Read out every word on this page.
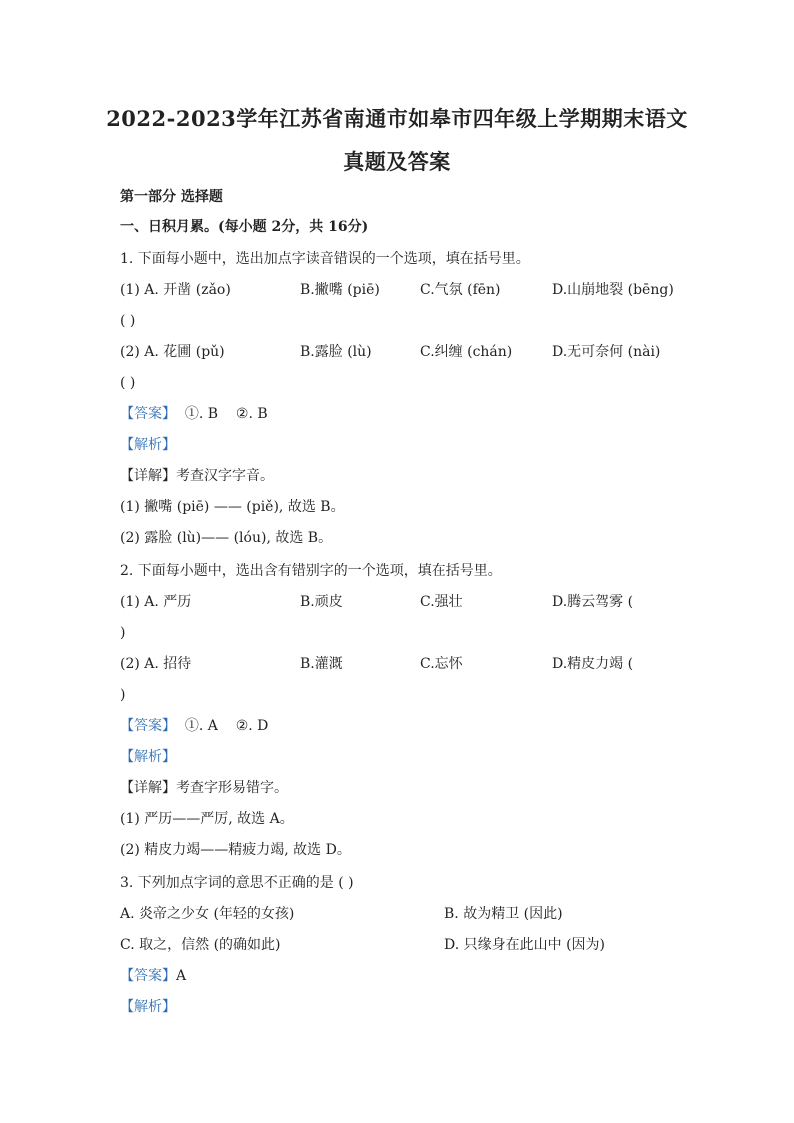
2022-2023学年江苏省南通市如皋市四年级上学期期末语文
真题及答案
第一部分 选择题
一、日积月累。(每小题 2分，共 16分)
1. 下面每小题中，选出加点字读音错误的一个选项，填在括号里。
(1) A. 开凿 (zǎo)	B.撇嘴 (piē)	C.气氛 (fēn)	D.山崩地裂 (bēng)
( )
(2) A. 花圃 (pǔ)	B.露脸 (lù)	C.纠缠 (chán)	D.无可奈何 (nài)
( )
【答案】  ①. B    ②. B
【解析】
【详解】考查汉字字音。
(1) 撇嘴 (piē) —— (piě), 故选 B。
(2) 露脸 (lù)—— (lóu), 故选 B。
2. 下面每小题中，选出含有错别字的一个选项，填在括号里。
(1) A. 严历	B.顽皮	C.强壮	D.腾云驾雾 (
)
(2) A. 招待	B.灌溉	C.忘怀	D.精皮力竭 (
)
【答案】  ①. A    ②. D
【解析】
【详解】考查字形易错字。
(1) 严历——严厉, 故选 A。
(2) 精皮力竭——精疲力竭, 故选 D。
3. 下列加点字词的意思不正确的是 ( )
A. 炎帝之少女 (年轻的女孩)	B. 故为精卫 (因此)
C. 取之，信然 (的确如此)	D. 只缘身在此山中 (因为)
【答案】A
【解析】
